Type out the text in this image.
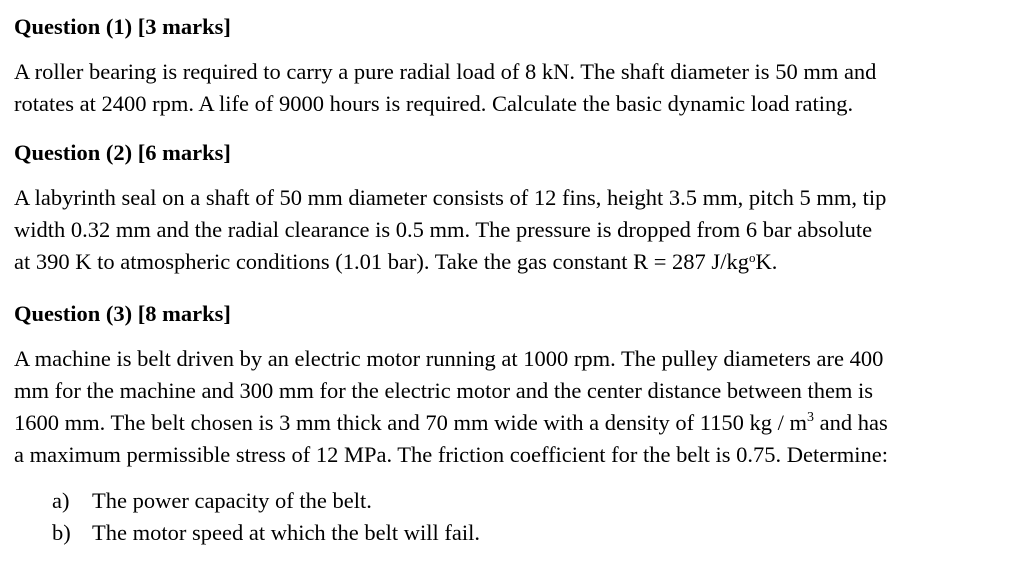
Question (1) [3 marks]

A roller bearing is required to carry a pure radial load of 8 kN. The shaft diameter is 50 mm and
rotates at 2400 rpm. A life of 9000 hours is required. Calculate the basic dynamic load rating.

Question (2) [6 marks]

A labyrinth seal on a shaft of 50 mm diameter consists of 12 fins, height 3.5 mm, pitch 5 mm, tip
width 0.32 mm and the radial clearance is 0.5 mm. The pressure is dropped from 6 bar absolute
at 390 K to atmospheric conditions (1.01 bar). Take the gas constant R = 287 $J/kg^oK$.

Question (3) [8 marks]

A machine is belt driven by an electric motor running at 1000 rpm. The pulley diameters are 400
mm for the machine and 300 mm for the electric motor and the center distance between them is
1600 mm. The belt chosen is 3 mm thick and 70 mm wide with a density of 1150 kg / $m^3$ and has
a maximum permissible stress of 12 MPa. The friction coefficient for the belt is 0.75. Determine:

a) The power capacity of the belt.
b) The motor speed at which the belt will fail.
